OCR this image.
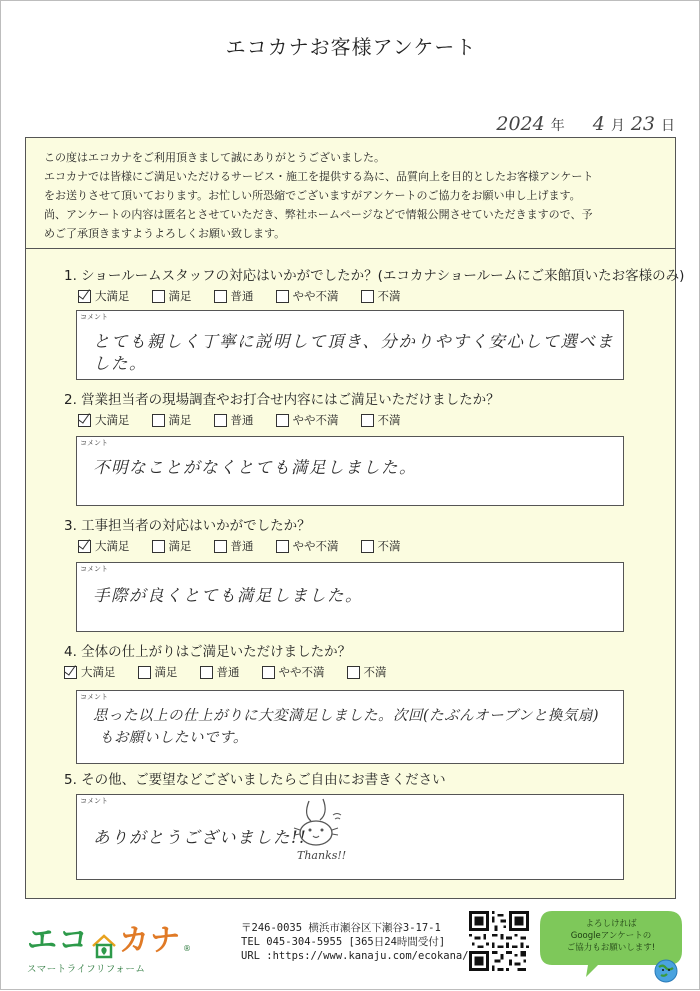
エコカナお客様アンケート
2024 年 4 月 23 日
この度はエコカナをご利用頂きまして誠にありがとうございました。
エコカナでは皆様にご満足いただけるサービス・施工を提供する為に、品質向上を目的としたお客様アンケート
をお送りさせて頂いております。お忙しい所恐縮でございますがアンケートのご協力をお願い申し上げます。
尚、アンケートの内容は匿名とさせていただき、弊社ホームページなどで情報公開させていただきますので、予
めご了承頂きますようよろしくお願い致します。
1. ショールームスタッフの対応はいかがでしたか？(エコカナショールームにご来館頂いたお客様のみ)
大満足	満足	普通	やや不満	不満
コメント
とても親しく丁寧に説明して頂き、分かりやすく安心して選べました。
2. 営業担当者の現場調査やお打合せ内容にはご満足いただけましたか？
大満足	満足	普通	やや不満	不満
コメント
不明なことがなくとても満足しました。
3. 工事担当者の対応はいかがでしたか？
大満足	満足	普通	やや不満	不満
コメント
手際が良くとても満足しました。
4. 全体の仕上がりはご満足いただけましたか？
大満足	満足	普通	やや不満	不満
コメント
思った以上の仕上がりに大変満足しました。次回(たぶんオーブンと換気扇)
もお願いしたいです。
5. その他、ご要望などございましたらご自由にお書きください
コメント
ありがとうございました!!
Thanks!!
エコ カナ ®
スマートライフリフォーム
〒246-0035 横浜市瀬谷区下瀬谷3-17-1
TEL 045-304-5955 [365日24時間受付]
URL :https://www.kanaju.com/ecokana/
よろしければ
Googleアンケートの
ご協力もお願いします!
